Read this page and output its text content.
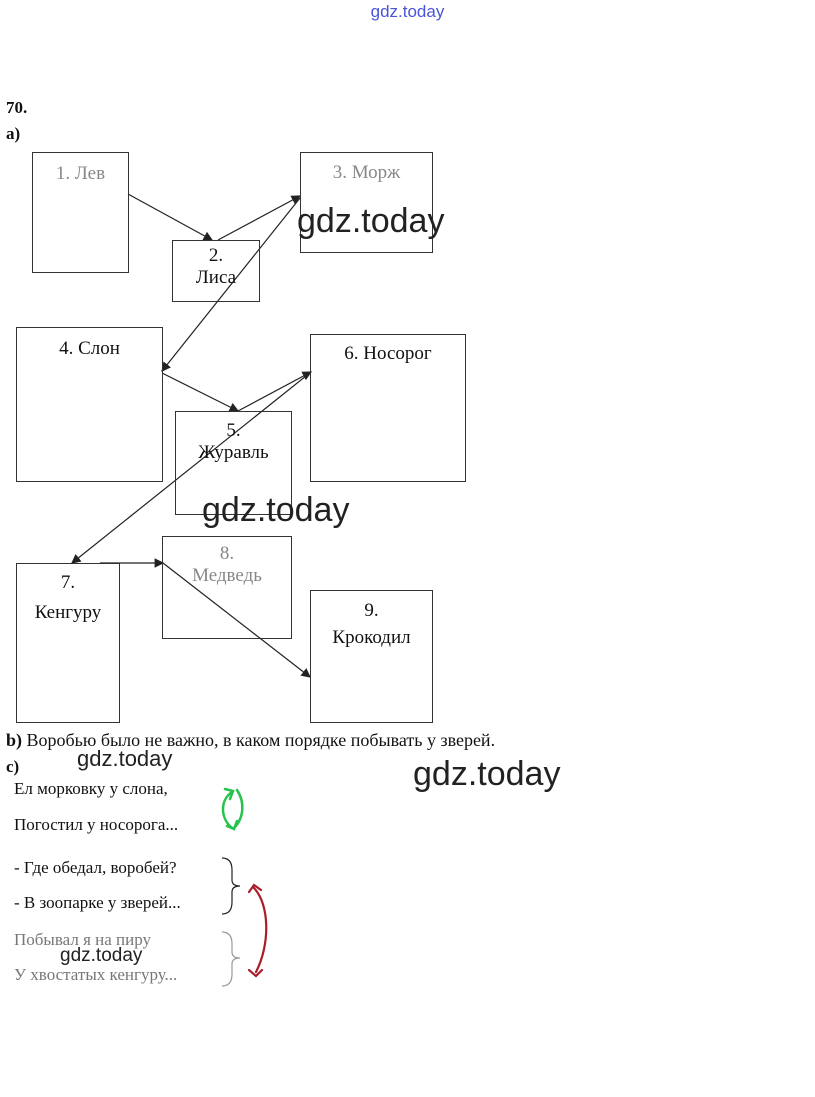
gdz.today
70.
a)
1. Лев
2.
Лиса
3. Морж
4. Слон
5.
Журавль
6. Носорог
7.
Кенгуру
8.
Медведь
9.
Крокодил
gdz.today
gdz.today
b) Воробью было не важно, в каком порядке побывать у зверей.
c)	gdz.today	gdz.today
Ел морковку у слона,
Погостил у носорога...
- Где обедал, воробей?
- В зоопарке у зверей...
Побывал я на пиру
У хвостатых кенгуру...
gdz.today
